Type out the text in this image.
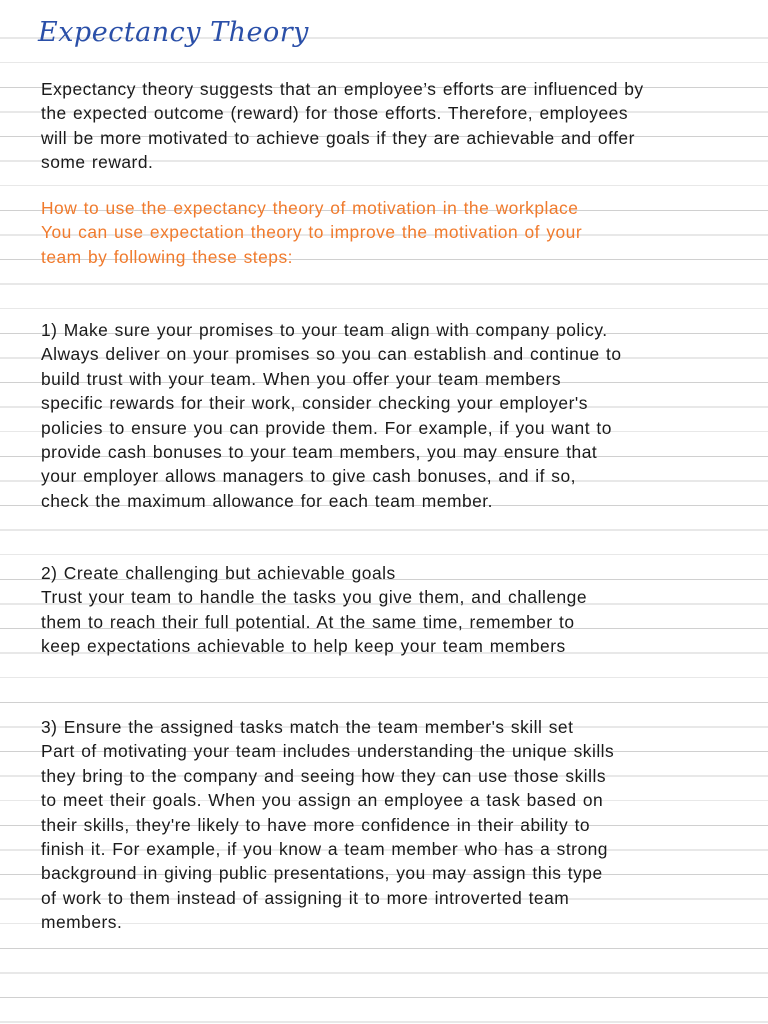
Expectancy Theory

Expectancy theory suggests that an employee’s efforts are influenced by
the expected outcome (reward) for those efforts. Therefore, employees
will be more motivated to achieve goals if they are achievable and offer
some reward.

How to use the expectancy theory of motivation in the workplace
You can use expectation theory to improve the motivation of your
team by following these steps:

1) Make sure your promises to your team align with company policy.
Always deliver on your promises so you can establish and continue to
build trust with your team. When you offer your team members
specific rewards for their work, consider checking your employer's
policies to ensure you can provide them. For example, if you want to
provide cash bonuses to your team members, you may ensure that
your employer allows managers to give cash bonuses, and if so,
check the maximum allowance for each team member.

2) Create challenging but achievable goals
Trust your team to handle the tasks you give them, and challenge
them to reach their full potential. At the same time, remember to
keep expectations achievable to help keep your team members

3) Ensure the assigned tasks match the team member's skill set
Part of motivating your team includes understanding the unique skills
they bring to the company and seeing how they can use those skills
to meet their goals. When you assign an employee a task based on
their skills, they're likely to have more confidence in their ability to
finish it. For example, if you know a team member who has a strong
background in giving public presentations, you may assign this type
of work to them instead of assigning it to more introverted team
members.
